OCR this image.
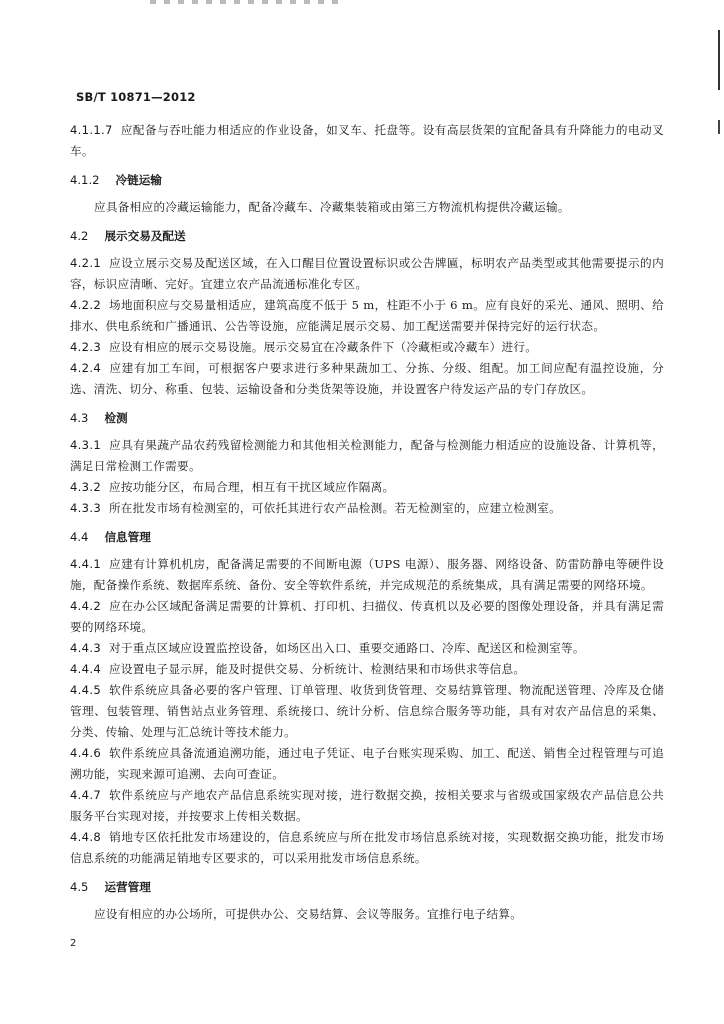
SB/T 10871—2012

4.1.1.7 应配备与吞吐能力相适应的作业设备，如叉车、托盘等。设有高层货架的宜配备具有升降能力的电动叉车。

4.1.2 冷链运输

应具备相应的冷藏运输能力，配备冷藏车、冷藏集装箱或由第三方物流机构提供冷藏运输。

4.2 展示交易及配送

4.2.1 应设立展示交易及配送区域，在入口醒目位置设置标识或公告牌匾，标明农产品类型或其他需要提示的内容，标识应清晰、完好。宜建立农产品流通标准化专区。

4.2.2 场地面积应与交易量相适应，建筑高度不低于 5 m，柱距不小于 6 m。应有良好的采光、通风、照明、给排水、供电系统和广播通讯、公告等设施，应能满足展示交易、加工配送需要并保持完好的运行状态。

4.2.3 应设有相应的展示交易设施。展示交易宜在冷藏条件下（冷藏柜或冷藏车）进行。

4.2.4 应建有加工车间，可根据客户要求进行多种果蔬加工、分拣、分级、组配。加工间应配有温控设施，分选、清洗、切分、称重、包装、运输设备和分类货架等设施，并设置客户待发运产品的专门存放区。

4.3 检测

4.3.1 应具有果蔬产品农药残留检测能力和其他相关检测能力，配备与检测能力相适应的设施设备、计算机等，满足日常检测工作需要。

4.3.2 应按功能分区，布局合理，相互有干扰区域应作隔离。

4.3.3 所在批发市场有检测室的，可依托其进行农产品检测。若无检测室的，应建立检测室。

4.4 信息管理

4.4.1 应建有计算机机房，配备满足需要的不间断电源（UPS 电源）、服务器、网络设备、防雷防静电等硬件设施，配备操作系统、数据库系统、备份、安全等软件系统，并完成规范的系统集成，具有满足需要的网络环境。

4.4.2 应在办公区域配备满足需要的计算机、打印机、扫描仪、传真机以及必要的图像处理设备，并具有满足需要的网络环境。

4.4.3 对于重点区域应设置监控设备，如场区出入口、重要交通路口、冷库、配送区和检测室等。

4.4.4 应设置电子显示屏，能及时提供交易、分析统计、检测结果和市场供求等信息。

4.4.5 软件系统应具备必要的客户管理、订单管理、收货到货管理、交易结算管理、物流配送管理、冷库及仓储管理、包装管理、销售站点业务管理、系统接口、统计分析、信息综合服务等功能，具有对农产品信息的采集、分类、传输、处理与汇总统计等技术能力。

4.4.6 软件系统应具备流通追溯功能，通过电子凭证、电子台账实现采购、加工、配送、销售全过程管理与可追溯功能，实现来源可追溯、去向可查证。

4.4.7 软件系统应与产地农产品信息系统实现对接，进行数据交换，按相关要求与省级或国家级农产品信息公共服务平台实现对接，并按要求上传相关数据。

4.4.8 销地专区依托批发市场建设的，信息系统应与所在批发市场信息系统对接，实现数据交换功能，批发市场信息系统的功能满足销地专区要求的，可以采用批发市场信息系统。

4.5 运营管理

应设有相应的办公场所，可提供办公、交易结算、会议等服务。宜推行电子结算。

2
